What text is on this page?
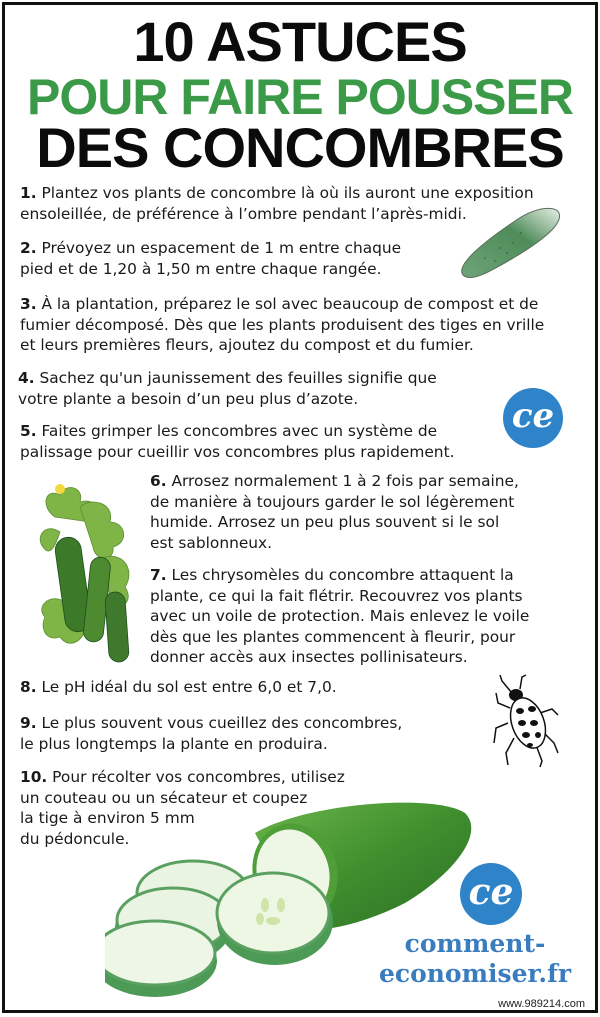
10 ASTUCES
POUR FAIRE POUSSER
DES CONCOMBRES
1. Plantez vos plants de concombre là où ils auront une exposition
ensoleillée, de préférence à l’ombre pendant l’après-midi.
2. Prévoyez un espacement de 1 m entre chaque
pied et de 1,20 à 1,50 m entre chaque rangée.
3. À la plantation, préparez le sol avec beaucoup de compost et de
fumier décomposé. Dès que les plants produisent des tiges en vrille
et leurs premières fleurs, ajoutez du compost et du fumier.
4. Sachez qu'un jaunissement des feuilles signifie que
votre plante a besoin d’un peu plus d’azote.
5. Faites grimper les concombres avec un système de
palissage pour cueillir vos concombres plus rapidement.
ce
6. Arrosez normalement 1 à 2 fois par semaine,
de manière à toujours garder le sol légèrement
humide. Arrosez un peu plus souvent si le sol
est sablonneux.
7. Les chrysomèles du concombre attaquent la
plante, ce qui la fait flétrir. Recouvrez vos plants
avec un voile de protection. Mais enlevez le voile
dès que les plantes commencent à fleurir, pour
donner accès aux insectes pollinisateurs.
8. Le pH idéal du sol est entre 6,0 et 7,0.
9. Le plus souvent vous cueillez des concombres,
le plus longtemps la plante en produira.
10. Pour récolter vos concombres, utilisez
un couteau ou un sécateur et coupez
la tige à environ 5 mm
du pédoncule.
ce
comment-
economiser.fr
www.989214.com
